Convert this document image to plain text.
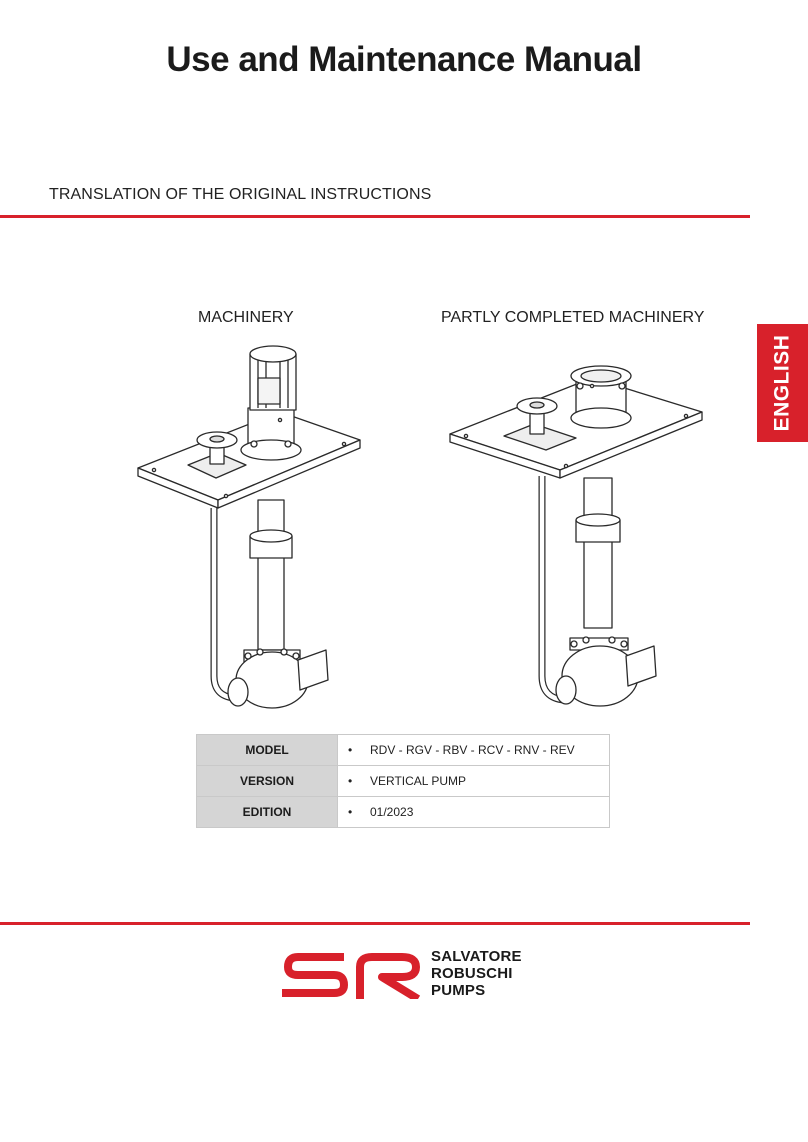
Use and Maintenance Manual
TRANSLATION OF THE ORIGINAL INSTRUCTIONS
MACHINERY	PARTLY COMPLETED MACHINERY
ENGLISH
MODEL	• RDV - RGV - RBV - RCV - RNV - REV
VERSION	• VERTICAL PUMP
EDITION	• 01/2023
SALVATORE
ROBUSCHI
PUMPS
